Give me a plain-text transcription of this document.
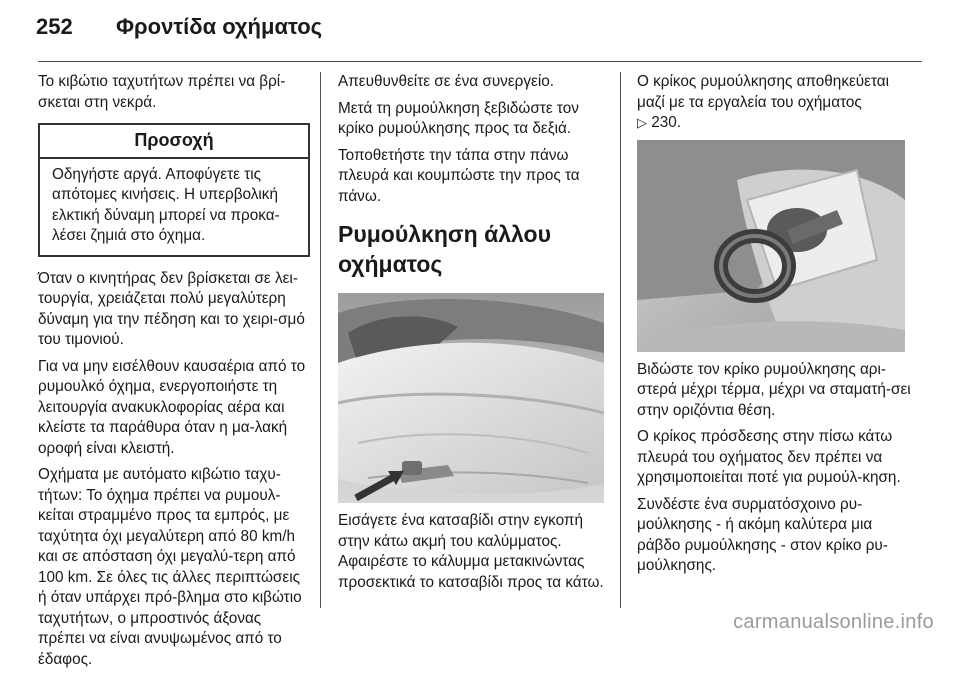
252 Φροντίδα οχήματος

Το κιβώτιο ταχυτήτων πρέπει να βρί-σκεται στη νεκρά.

Προσοχή
Οδηγήστε αργά. Αποφύγετε τις απότομες κινήσεις. Η υπερβολική ελκτική δύναμη μπορεί να προκα-λέσει ζημιά στο όχημα.

Όταν ο κινητήρας δεν βρίσκεται σε λει-τουργία, χρειάζεται πολύ μεγαλύτερη δύναμη για την πέδηση και το χειρι-σμό του τιμονιού.

Για να μην εισέλθουν καυσαέρια από το ρυμουλκό όχημα, ενεργοποιήστε τη λειτουργία ανακυκλοφορίας αέρα και κλείστε τα παράθυρα όταν η μα-λακή οροφή είναι κλειστή.

Οχήματα με αυτόματο κιβώτιο ταχυ-τήτων: Το όχημα πρέπει να ρυμουλ-κείται στραμμένο προς τα εμπρός, με ταχύτητα όχι μεγαλύτερη από 80 km/h και σε απόσταση όχι μεγαλύ-τερη από 100 km. Σε όλες τις άλλες περιπτώσεις ή όταν υπάρχει πρό-βλημα στο κιβώτιο ταχυτήτων, ο μπροστινός άξονας πρέπει να είναι ανυψωμένος από το έδαφος.

Απευθυνθείτε σε ένα συνεργείο.

Μετά τη ρυμούλκηση ξεβιδώστε τον κρίκο ρυμούλκησης προς τα δεξιά.

Τοποθετήστε την τάπα στην πάνω πλευρά και κουμπώστε την προς τα πάνω.

Ρυμούλκηση άλλου οχήματος

Εισάγετε ένα κατσαβίδι στην εγκοπή στην κάτω ακμή του καλύμματος. Αφαιρέστε το κάλυμμα μετακινώντας προσεκτικά το κατσαβίδι προς τα κάτω.

Ο κρίκος ρυμούλκησης αποθηκεύεται μαζί με τα εργαλεία του οχήματος
▷ 230.

Βιδώστε τον κρίκο ρυμούλκησης αρι-στερά μέχρι τέρμα, μέχρι να σταματή-σει στην οριζόντια θέση.

Ο κρίκος πρόσδεσης στην πίσω κάτω πλευρά του οχήματος δεν πρέπει να χρησιμοποιείται ποτέ για ρυμούλ-κηση.

Συνδέστε ένα συρματόσχοινο ρυ-μούλκησης - ή ακόμη καλύτερα μια ράβδο ρυμούλκησης - στον κρίκο ρυ-μούλκησης.

carmanualsonline.info
